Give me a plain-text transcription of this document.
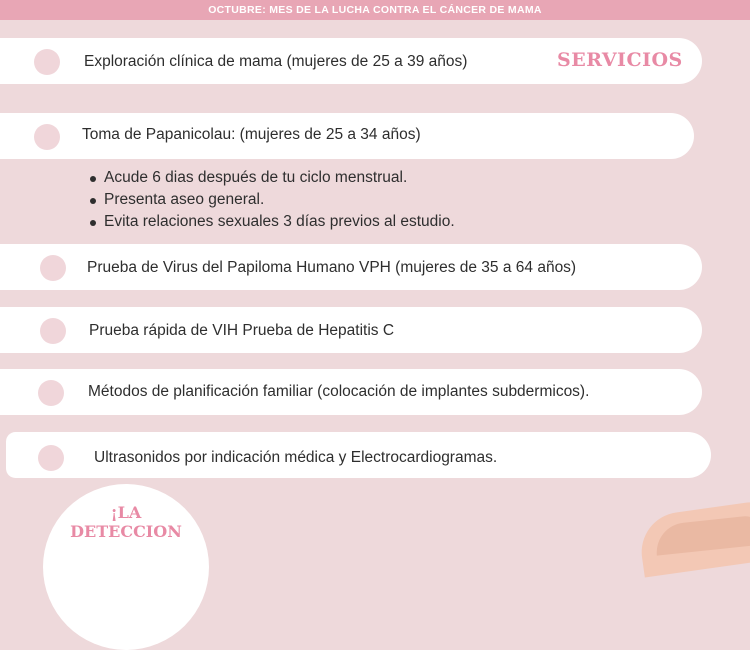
OCTUBRE: MES DE LA LUCHA CONTRA EL CÁNCER DE MAMA
Exploración clínica de mama (mujeres de 25 a 39 años)	SERVICIOS
Toma de Papanicolau: (mujeres de 25 a 34 años)
Acude 6 dias después de tu ciclo menstrual.
Presenta aseo general.
Evita relaciones sexuales 3 días previos al estudio.
Prueba de Virus del Papiloma Humano VPH (mujeres de 35 a 64 años)
Prueba rápida de VIH Prueba de Hepatitis C
Métodos de planificación familiar (colocación de implantes subdermicos).
Ultrasonidos por indicación médica y Electrocardiogramas.
¡LA
DETECCION
